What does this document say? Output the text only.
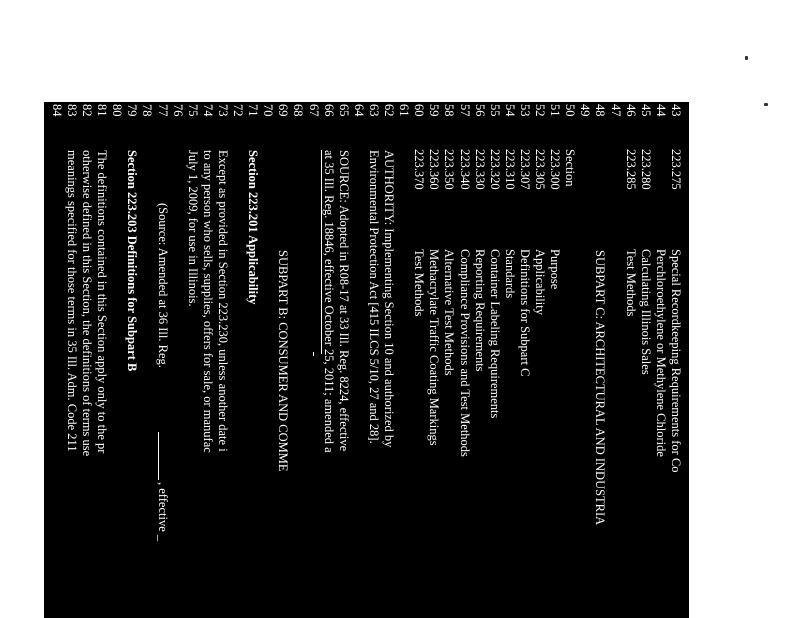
43
223.275
Special Recordkeeping Requirements for Co
44
Perchloroethylene or Methylene Chloride
45
223.280
Calculating Illinois Sales
46
223.285
Test Methods
47
48
SUBPART C: ARCHITECTURAL AND INDUSTRIA
49
50
Section
51
223.300
Purpose
52
223.305
Applicability
53
223.307
Definitions for Subpart C
54
223.310
Standards
55
223.320
Container Labeling Requirements
56
223.330
Reporting Requirements
57
223.340
Compliance Provisions and Test Methods
58
223.350
Alternative Test Methods
59
223.360
Methacrylate Traffic Coating Markings
60
223.370
Test Methods
61
62
AUTHORITY: Implementing Section 10 and authorized by
63
Environmental Protection Act [415 ILCS 5/10, 27 and 28].
64
65
SOURCE: Adopted in R08-17 at 33 Ill. Reg. 8224, effective
66
at 35 Ill. Reg. 18846, effective October 25, 2011; amended a
67
68
69
SUBPART B: CONSUMER AND COMME
70
71
Section 223.201 Applicability
72
73
Except as provided in Section 223.230, unless another date i
74
to any person who sells, supplies, offers for sale, or manufac
75
July 1, 2009, for use in Illinois.
76
77
(Source: Amended at 36 Ill. Reg.
, effective _
78
79
Section 223.203 Definitions for Subpart B
80
81
The definitions contained in this Section apply only to the pr
82
otherwise defined in this Section, the definitions of terms use
83
meanings specified for those terms in 35 Ill. Adm. Code 211
84
